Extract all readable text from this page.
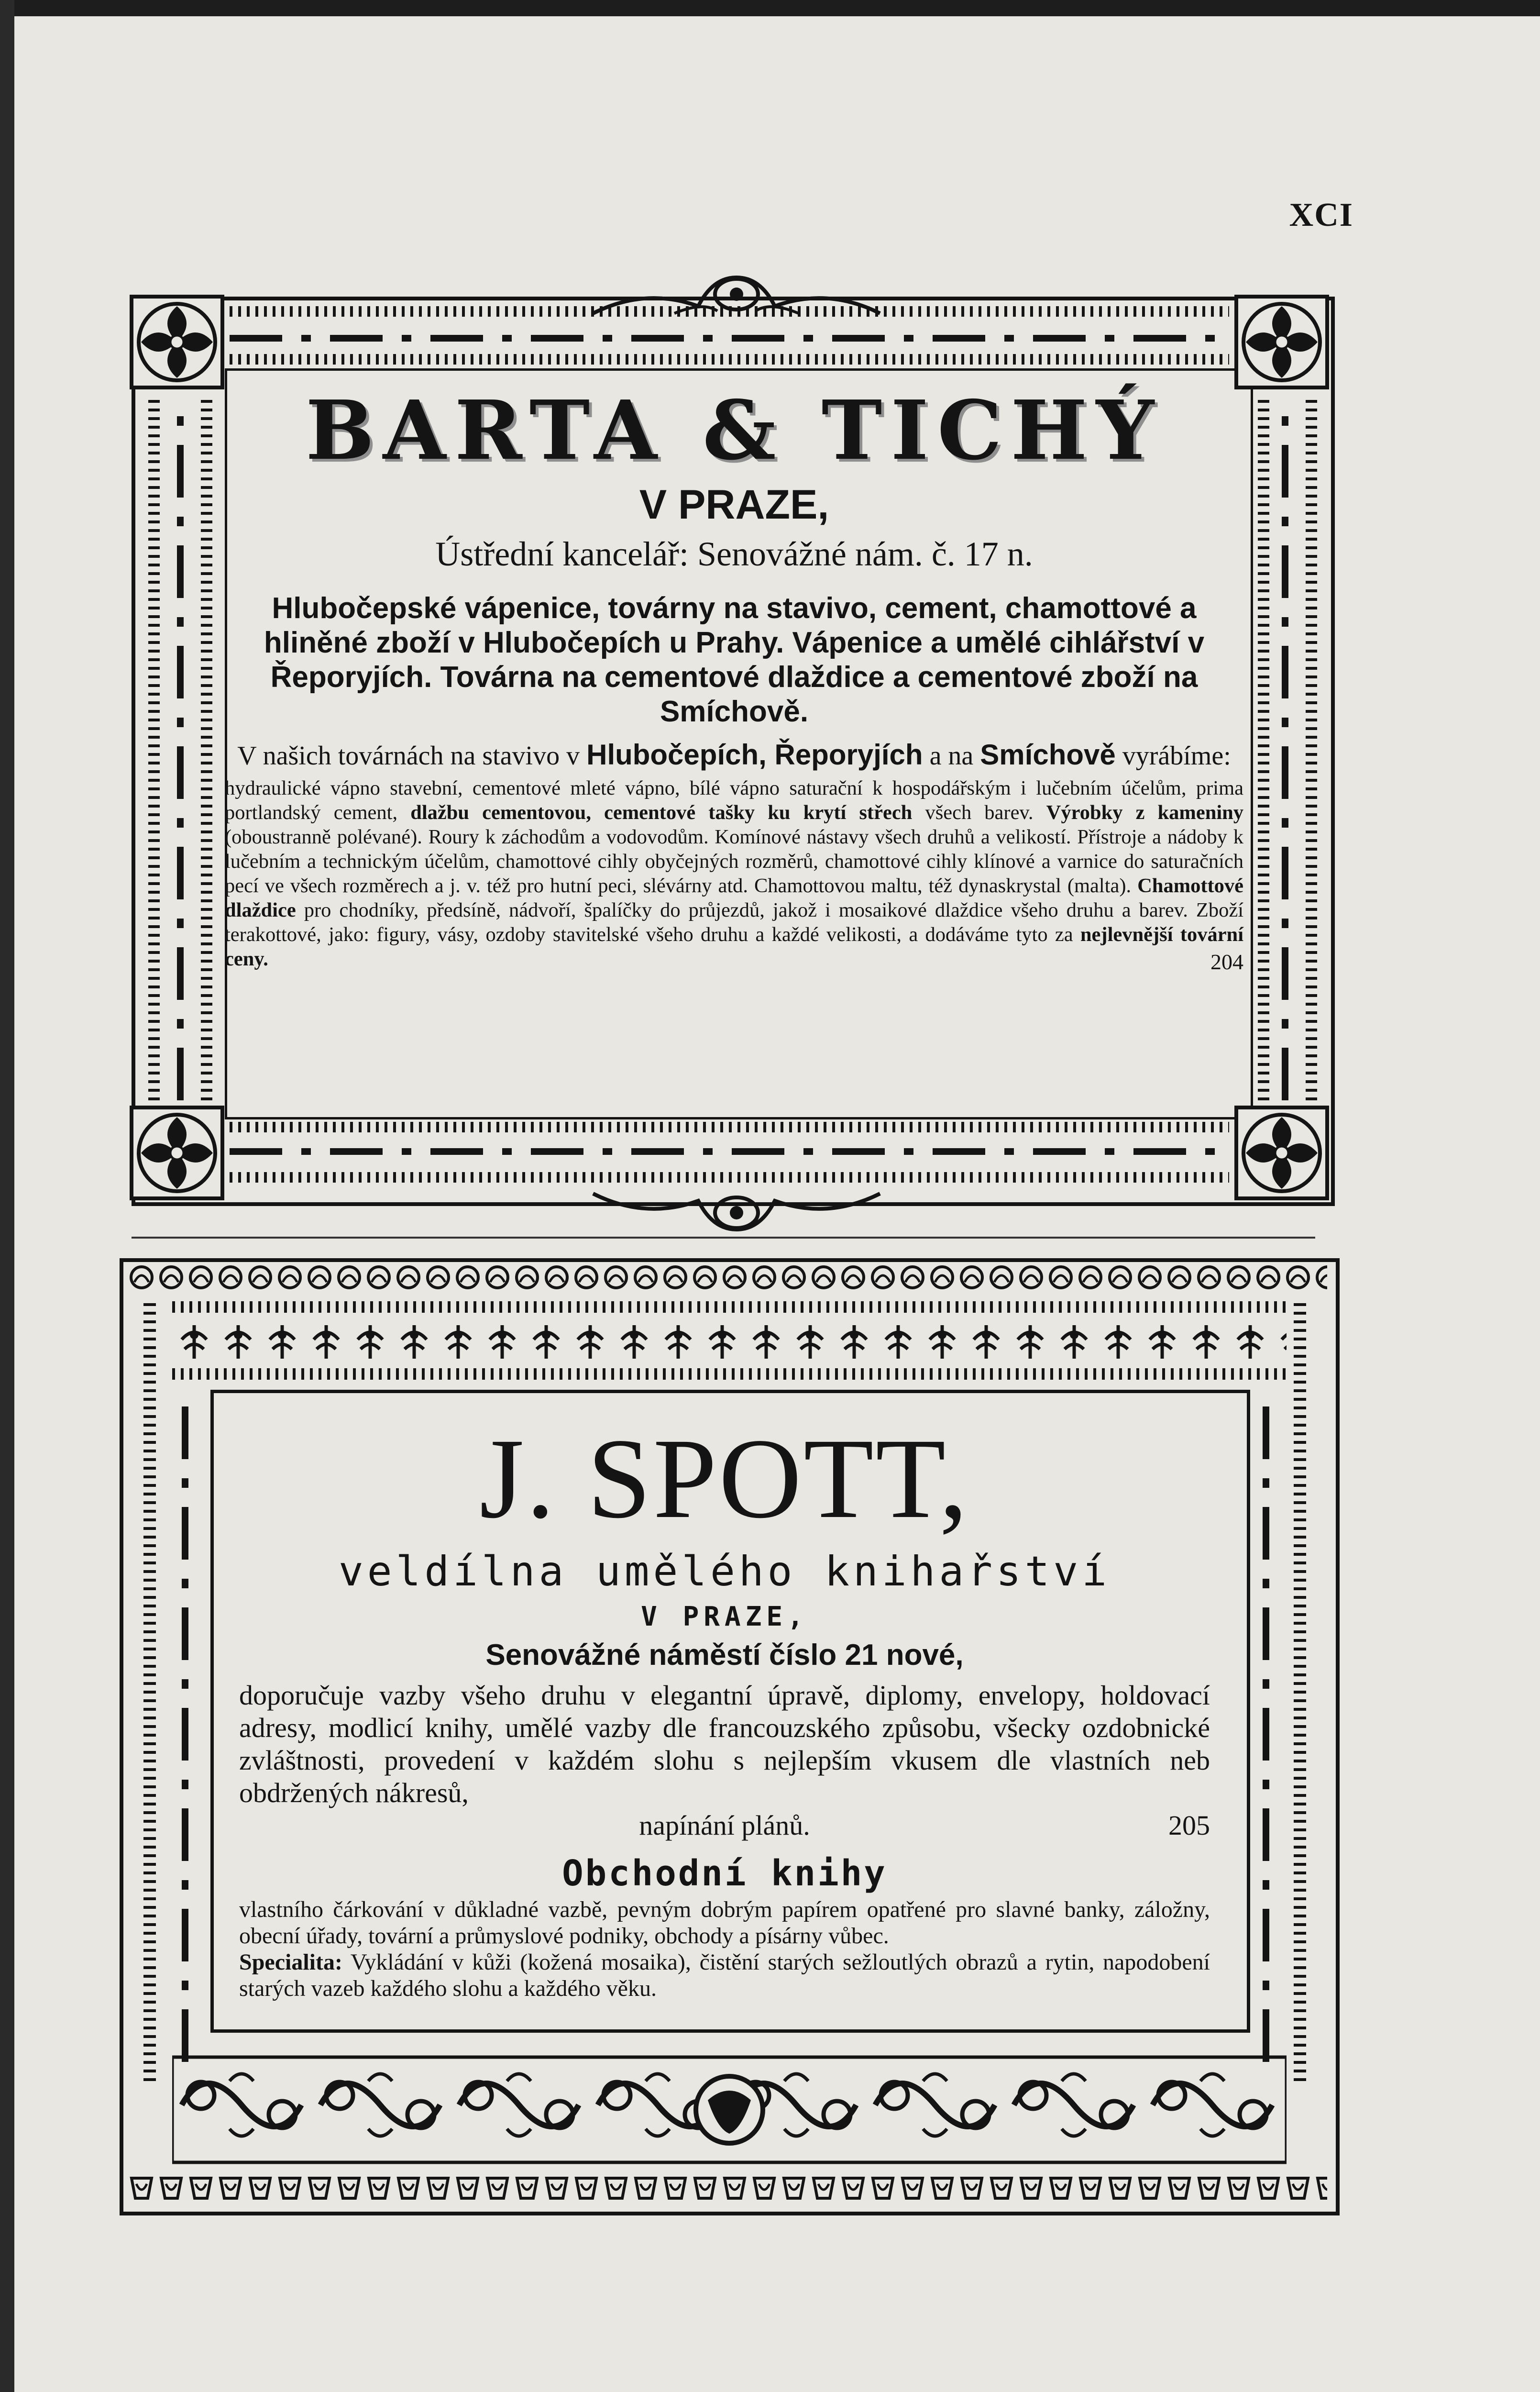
XCI
BARTA & TICHÝ
V PRAZE,
Ústřední kancelář: Senovážné nám. č. 17 n.
Hlubočepské vápenice, továrny na stavivo, cement, chamottové a hliněné zboží v Hlubočepích u Prahy. Vápenice a umělé cihlářství v Řeporyjích. Továrna na cementové dlaždice a cementové zboží na Smíchově.
V našich továrnách na stavivo v Hlubočepích, Řeporyjích a na Smíchově vyrábíme:
hydraulické vápno stavební, cementové mleté vápno, bílé vápno saturační k hospodářským i lučebním účelům, prima portlandský cement, dlažbu cementovou, cementové tašky ku krytí střech všech barev. Výrobky z kameniny (oboustranně polévané). Roury k záchodům a vodovodům. Komínové nástavy všech druhů a velikostí. Přístroje a nádoby k lučebním a technickým účelům, chamottové cihly obyčejných rozměrů, chamottové cihly klínové a varnice do saturačních pecí ve všech rozměrech a j. v. též pro hutní peci, slévárny atd. Chamottovou maltu, též dynaskrystal (malta). Chamottové dlaždice pro chodníky, předsíně, nádvoří, špalíčky do průjezdů, jakož i mosaikové dlaždice všeho druhu a barev. Zboží terakottové, jako: figury, vásy, ozdoby stavitelské všeho druhu a každé velikosti, a dodáváme tyto za nejlevnější tovární ceny.	204
J. SPOTT,
veldílna umělého knihařství
V PRAZE,
Senovážné náměstí číslo 21 nové,
doporučuje vazby všeho druhu v elegantní úpravě, diplomy, envelopy, holdovací adresy, modlicí knihy, umělé vazby dle francouzského způsobu, všecky ozdobnické zvláštnosti, provedení v každém slohu s nejlepším vkusem dle vlastních neb obdržených nákresů,
napínání plánů.	205
Obchodní knihy
vlastního čárkování v důkladné vazbě, pevným dobrým papírem opatřené pro slavné banky, záložny, obecní úřady, tovární a průmyslové podniky, obchody a písárny vůbec.
Specialita: Vykládání v kůži (kožená mosaika), čistění starých sežloutlých obrazů a rytin, napodobení starých vazeb každého slohu a každého věku.
